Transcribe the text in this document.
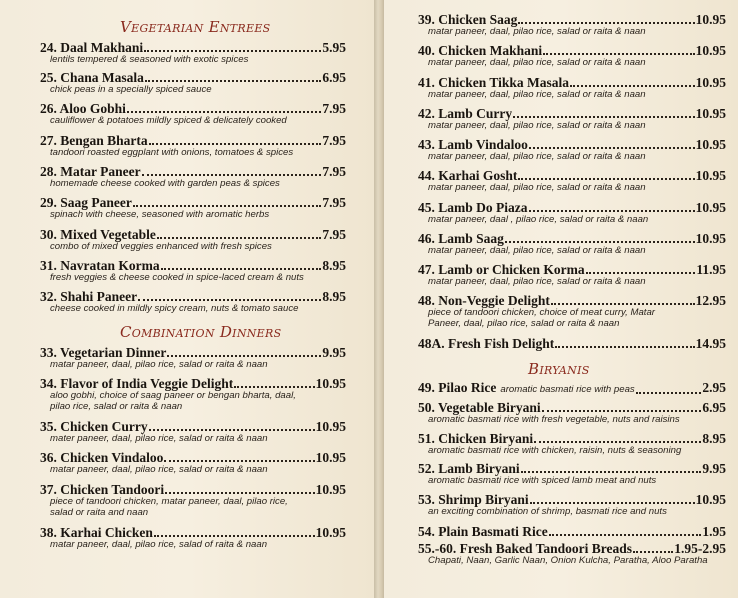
Vegetarian Entrees
24. Daal Makhani	5.95
lentils tempered & seasoned with exotic spices
25. Chana Masala	6.95
chick peas in a specially spiced sauce
26. Aloo Gobhi	7.95
cauliflower & potatoes mildly spiced & delicately cooked
27. Bengan Bharta	7.95
tandoori roasted eggplant with onions, tomatoes & spices
28. Matar Paneer	7.95
homemade cheese cooked with garden peas & spices
29. Saag Paneer	7.95
spinach with cheese, seasoned with aromatic herbs
30. Mixed Vegetable	7.95
combo of mixed veggies enhanced with fresh spices
31. Navratan Korma	8.95
fresh veggies & cheese cooked in spice-laced cream & nuts
32. Shahi Paneer	8.95
cheese cooked in mildly spicy cream, nuts & tomato sauce
Combination Dinners
33. Vegetarian Dinner	9.95
matar paneer, daal, pilao rice, salad or raita & naan
34. Flavor of India Veggie Delight	10.95
aloo gobhi, choice of saag paneer or bengan bharta, daal,
pilao rice, salad or raita & naan
35. Chicken Curry	10.95
mater paneer, daal, pilao rice, salad or raita & naan
36. Chicken Vindaloo	10.95
matar paneer, daal, pilao rice, salad or raita & naan
37. Chicken Tandoori	10.95
piece of tandoori chicken, matar paneer, daal, pilao rice,
salad or raita and naan
38. Karhai Chicken	10.95
matar paneer, daal, pilao rice, salad of raita & naan
39. Chicken Saag	10.95
matar paneer, daal, pilao rice, salad or raita & naan
40. Chicken Makhani	10.95
matar paneer, daal, pilao rice, salad or raita & naan
41. Chicken Tikka Masala	10.95
matar paneer, daal, pilao rice, salad or raita & naan
42. Lamb Curry	10.95
matar paneer, daal, pilao rice, salad or raita & naan
43. Lamb Vindaloo	10.95
matar paneer, daal, pilao rice, salad or raita & naan
44. Karhai Gosht	10.95
matar paneer, daal, pilao rice, salad or raita & naan
45. Lamb Do Piaza	10.95
matar paneer, daal , pilao rice, salad or raita & naan
46. Lamb Saag	10.95
matar paneer, daal, pilao rice, salad or raita & naan
47. Lamb or Chicken Korma	11.95
matar paneer, daal, pilao rice, salad or raita & naan
48. Non-Veggie Delight	12.95
piece of tandoori chicken, choice of meat curry, Matar
Paneer, daal, pilao rice, salad or raita & naan
48A. Fresh Fish Delight	14.95
Biryanis
49. Pilao Rice aromatic basmati rice with peas	2.95
50. Vegetable Biryani	6.95
aromatic basmati rice with fresh vegetable, nuts and raisins
51. Chicken Biryani	8.95
aromatic basmati rice with chicken, raisin, nuts & seasoning
52. Lamb Biryani	9.95
aromatic basmati rice with spiced lamb meat and nuts
53. Shrimp Biryani	10.95
an exciting combination of shrimp, basmati rice and nuts
54. Plain Basmati Rice	1.95
55.-60. Fresh Baked Tandoori Breads	1.95-2.95
Chapati, Naan, Garlic Naan, Onion Kulcha, Paratha, Aloo Paratha
